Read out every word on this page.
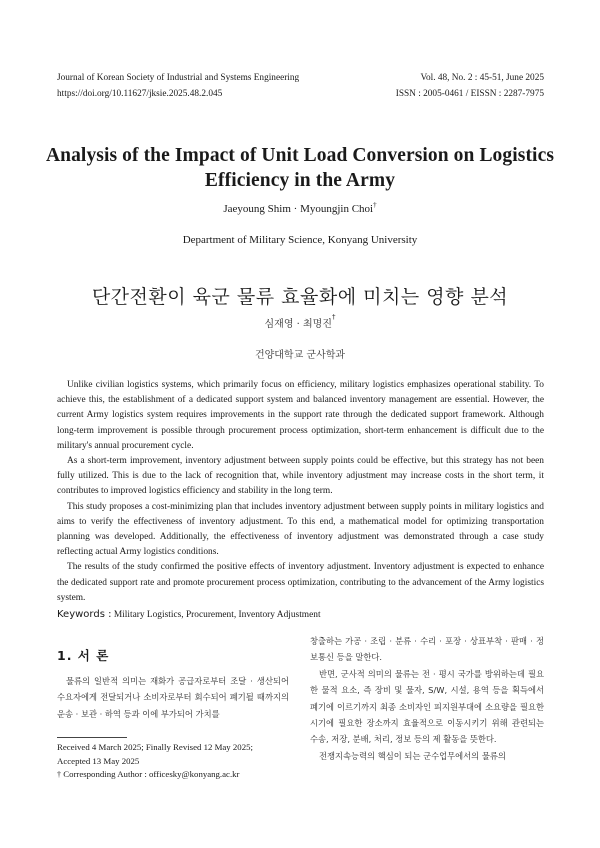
Journal of Korean Society of Industrial and Systems Engineering
https://doi.org/10.11627/jksie.2025.48.2.045
Vol. 48, No. 2 : 45-51, June 2025
ISSN : 2005-0461 / EISSN : 2287-7975
Analysis of the Impact of Unit Load Conversion on Logistics
Efficiency in the Army
Jaeyoung Shim · Myoungjin Choi†
Department of Military Science, Konyang University
단간전환이 육군 물류 효율화에 미치는 영향 분석
심재영 · 최명진†
건양대학교 군사학과

Unlike civilian logistics systems, which primarily focus on efficiency, military logistics emphasizes operational stability. To achieve this, the establishment of a dedicated support system and balanced inventory management are essential. However, the current Army logistics system requires improvements in the support rate through the dedicated support framework. Although long-term improvement is possible through procurement process optimization, short-term enhancement is difficult due to the military's annual procurement cycle.

As a short-term improvement, inventory adjustment between supply points could be effective, but this strategy has not been fully utilized. This is due to the lack of recognition that, while inventory adjustment may increase costs in the short term, it contributes to improved logistics efficiency and stability in the long term.

This study proposes a cost-minimizing plan that includes inventory adjustment between supply points in military logistics and aims to verify the effectiveness of inventory adjustment. To this end, a mathematical model for optimizing transportation planning was developed. Additionally, the effectiveness of inventory adjustment was demonstrated through a case study reflecting actual Army logistics conditions.

The results of the study confirmed the positive effects of inventory adjustment. Inventory adjustment is expected to enhance the dedicated support rate and promote procurement process optimization, contributing to the advancement of the Army logistics system.

Keywords : Military Logistics, Procurement, Inventory Adjustment
1. 서 론

물류의 일반적 의미는 재화가 공급자로부터 조달 · 생산되어 수요자에게 전달되거나 소비자로부터 회수되어 폐기될 때까지의 운송 · 보관 · 하역 등과 이에 부가되어 가치를

창출하는 가공 · 조립 · 분류 · 수리 · 포장 · 상표부착 · 판매 · 정보통신 등을 말한다.

반면, 군사적 의미의 물류는 전 · 평시 국가를 방위하는데 필요한 물적 요소, 즉 장비 및 물자, S/W, 시설, 용역 등을 획득에서 폐기에 이르기까지 최종 소비자인 피지원부대에 소요량을 필요한 시기에 필요한 장소까지 효율적으로 이동시키기 위해 관련되는 수송, 저장, 분배, 처리, 정보 등의 제 활동을 뜻한다.

전쟁지속능력의 핵심이 되는 군수업무에서의 물류의

Received 4 March 2025; Finally Revised 12 May 2025;
Accepted 13 May 2025
† Corresponding Author : officesky@konyang.ac.kr
